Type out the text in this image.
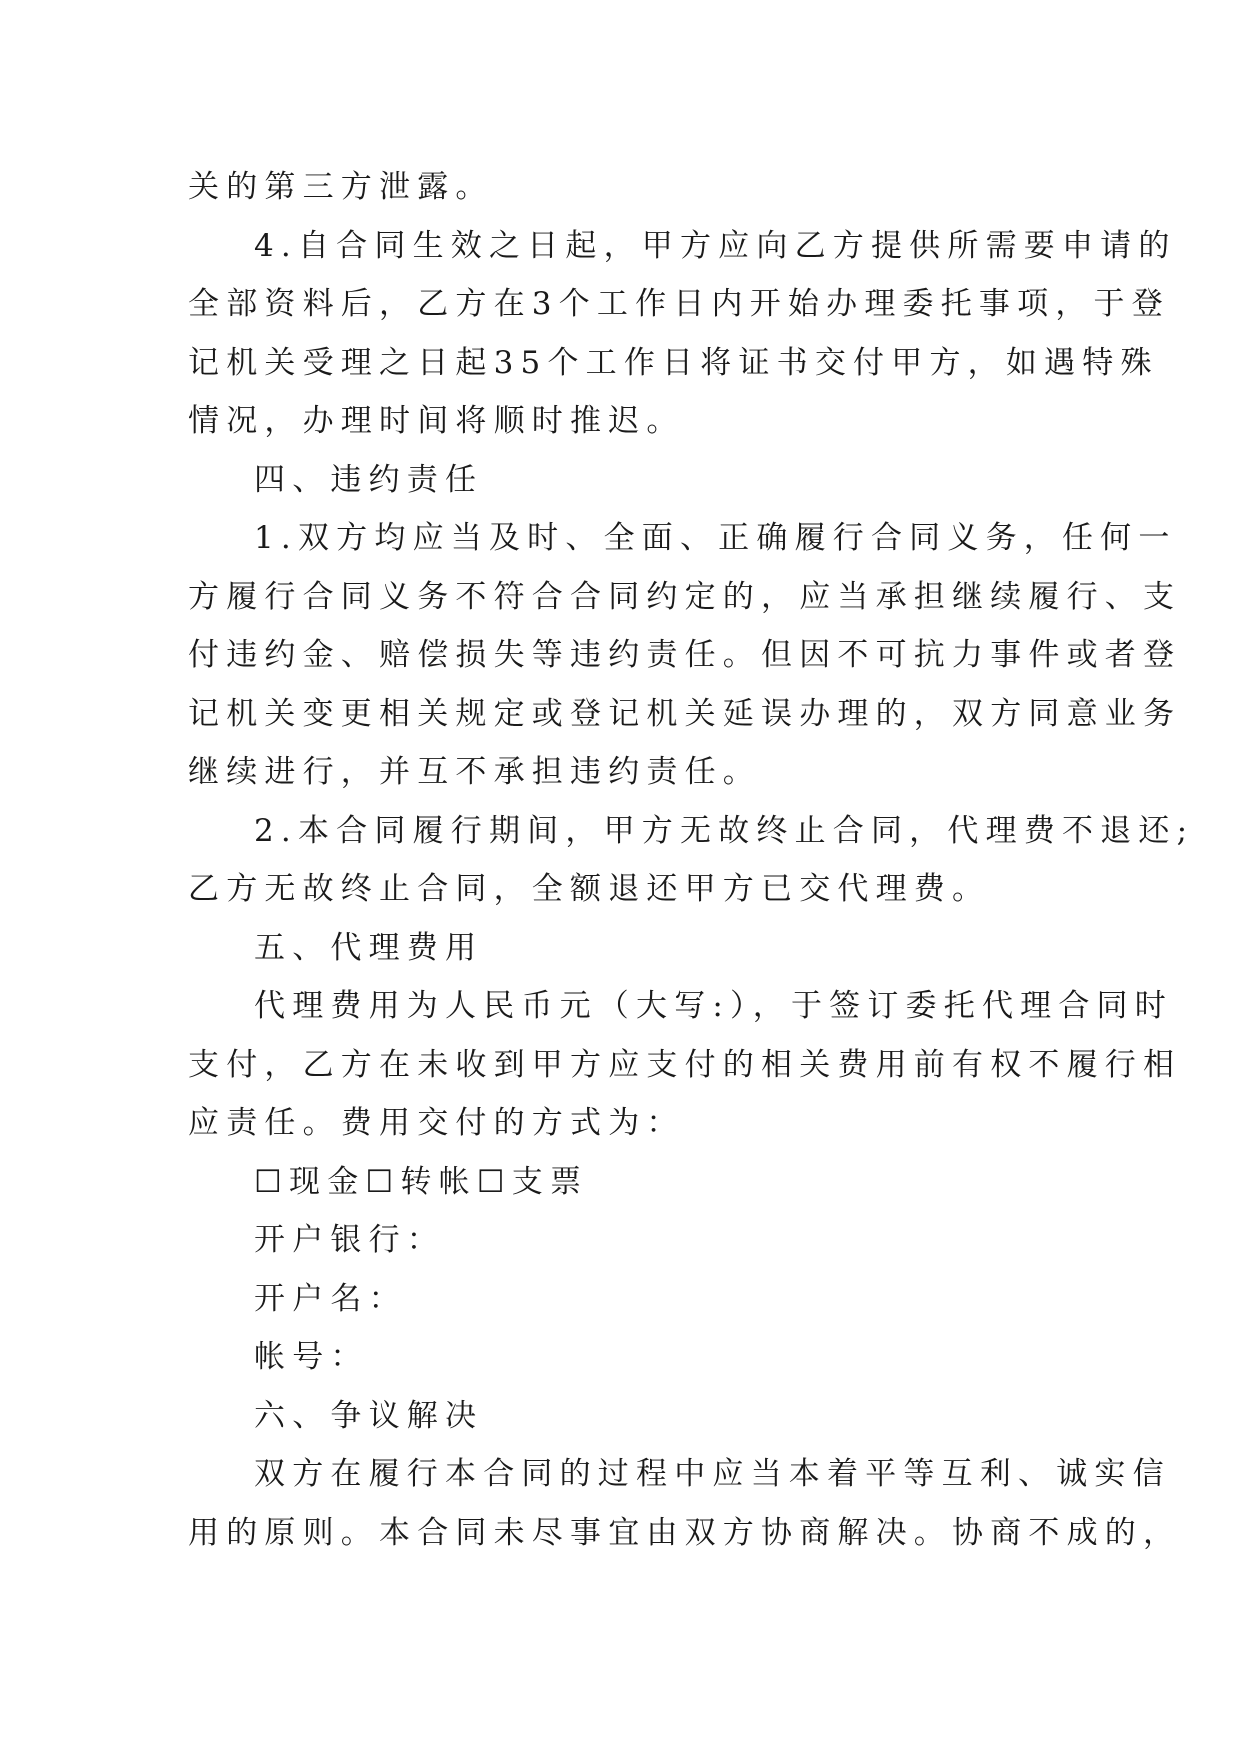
关的第三方泄露。
4.自合同生效之日起，甲方应向乙方提供所需要申请的
全部资料后，乙方在3个工作日内开始办理委托事项，于登
记机关受理之日起35个工作日将证书交付甲方，如遇特殊
情况，办理时间将顺时推迟。
四、违约责任
1.双方均应当及时、全面、正确履行合同义务，任何一
方履行合同义务不符合合同约定的，应当承担继续履行、支
付违约金、赔偿损失等违约责任。但因不可抗力事件或者登
记机关变更相关规定或登记机关延误办理的，双方同意业务
继续进行，并互不承担违约责任。
2.本合同履行期间，甲方无故终止合同，代理费不退还;
乙方无故终止合同，全额退还甲方已交代理费。
五、代理费用
代理费用为人民币元（大写:），于签订委托代理合同时
支付，乙方在未收到甲方应支付的相关费用前有权不履行相
应责任。费用交付的方式为：
☐现金☐转帐☐支票
开户银行：
开户名：
帐号：
六、争议解决
双方在履行本合同的过程中应当本着平等互利、诚实信
用的原则。本合同未尽事宜由双方协商解决。协商不成的，
